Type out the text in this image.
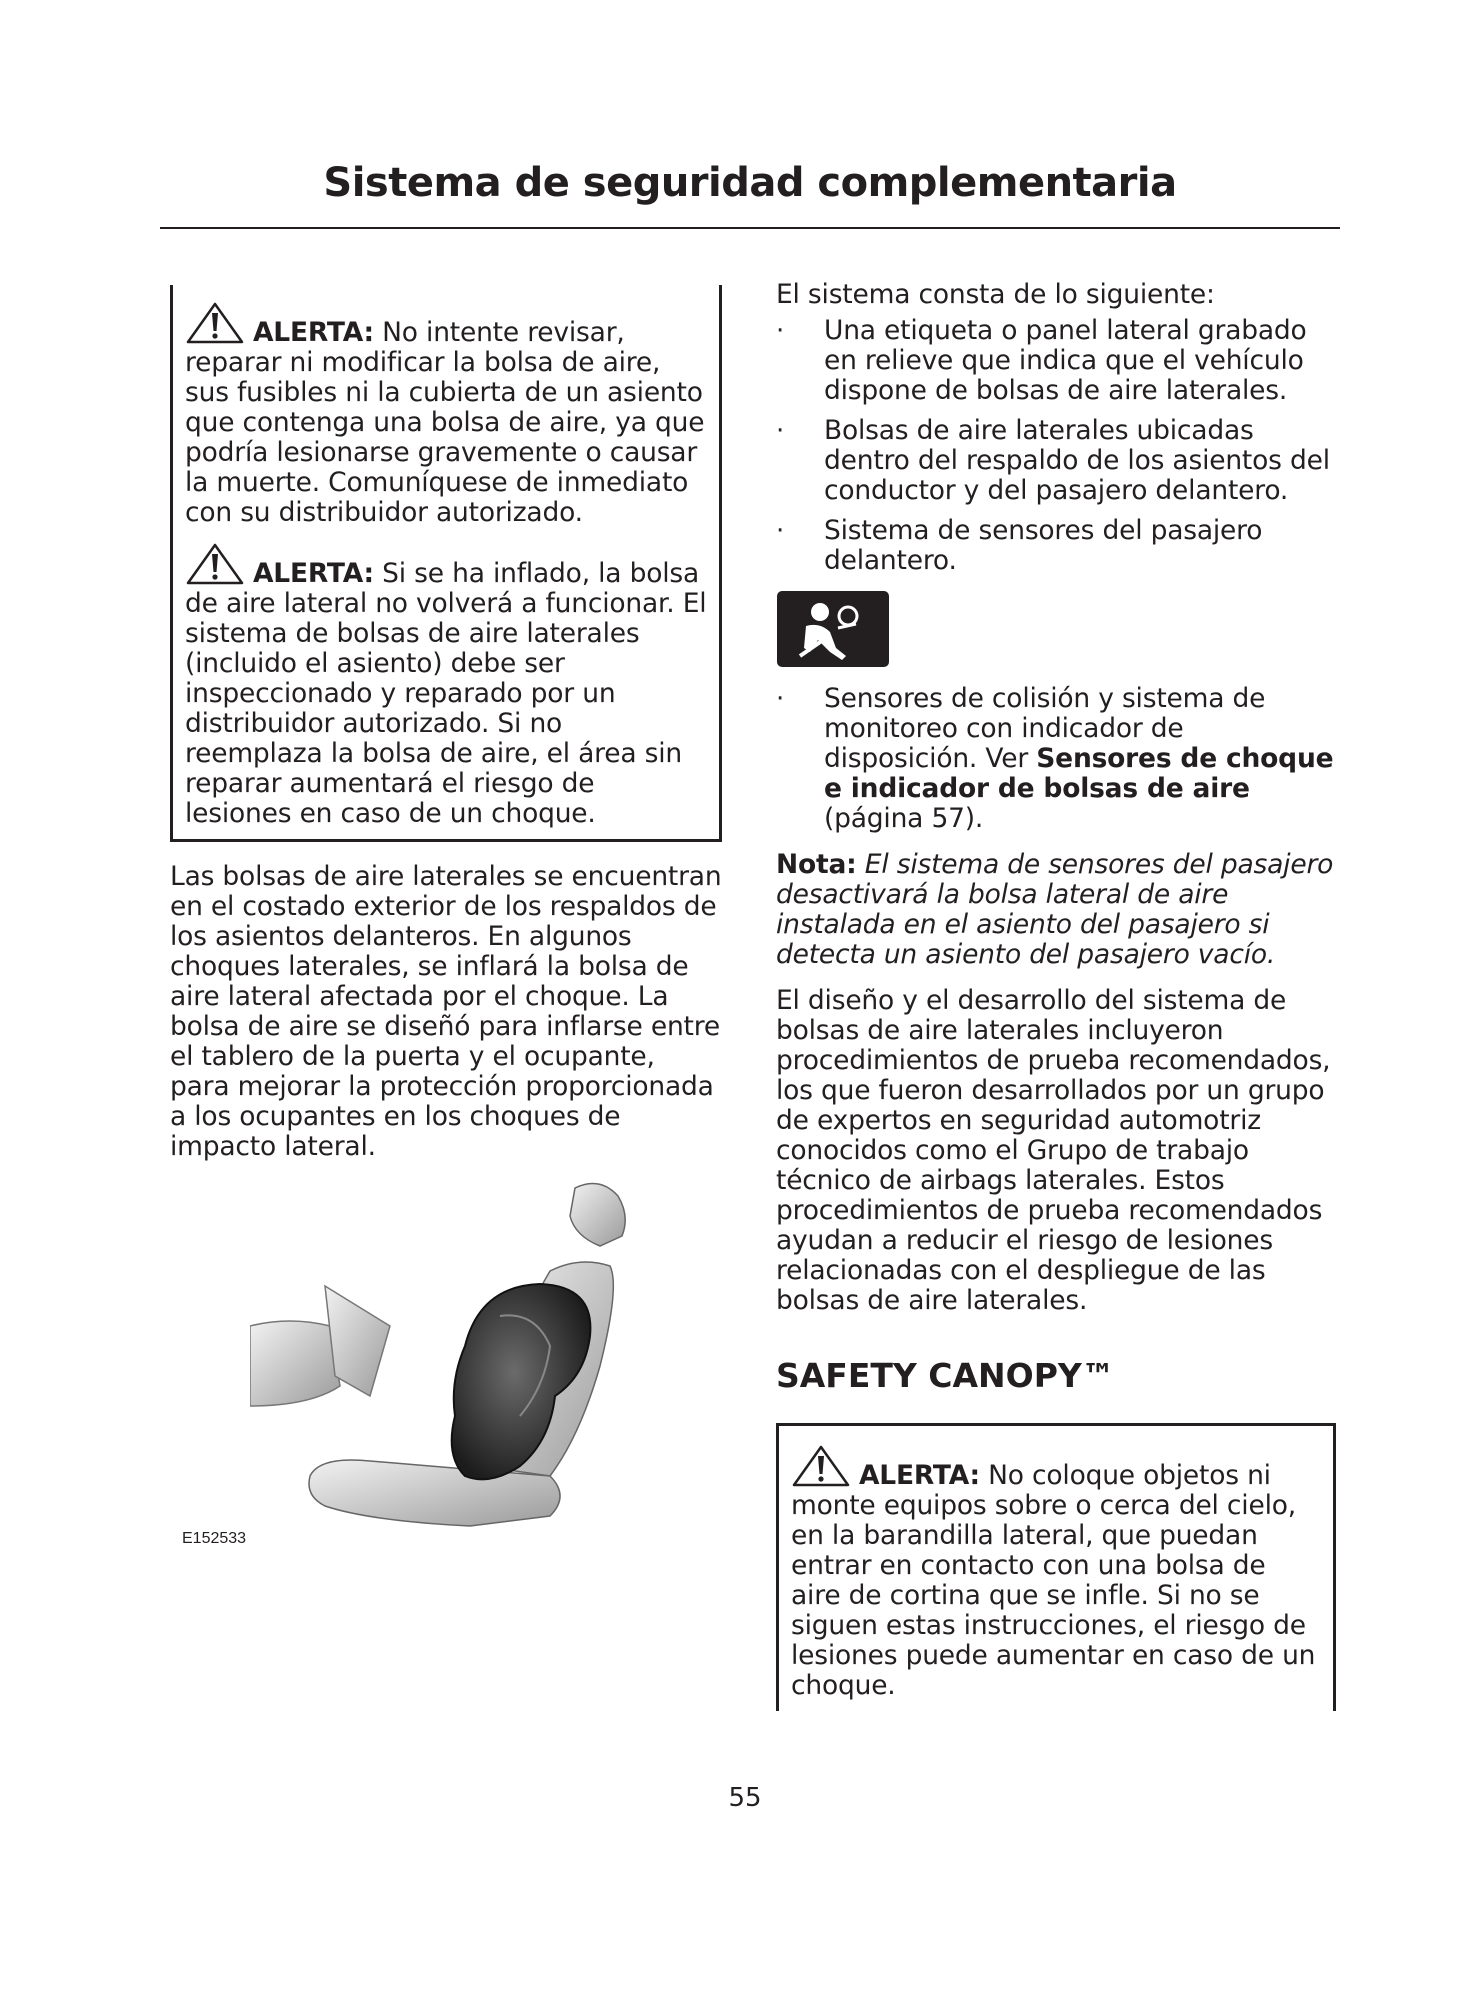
Sistema de seguridad complementaria

ALERTA: No intente revisar, reparar ni modificar la bolsa de aire, sus fusibles ni la cubierta de un asiento que contenga una bolsa de aire, ya que podría lesionarse gravemente o causar la muerte. Comuníquese de inmediato con su distribuidor autorizado.

ALERTA: Si se ha inflado, la bolsa de aire lateral no volverá a funcionar. El sistema de bolsas de aire laterales (incluido el asiento) debe ser inspeccionado y reparado por un distribuidor autorizado. Si no reemplaza la bolsa de aire, el área sin reparar aumentará el riesgo de lesiones en caso de un choque.

Las bolsas de aire laterales se encuentran en el costado exterior de los respaldos de los asientos delanteros. En algunos choques laterales, se inflará la bolsa de aire lateral afectada por el choque. La bolsa de aire se diseñó para inflarse entre el tablero de la puerta y el ocupante, para mejorar la protección proporcionada a los ocupantes en los choques de impacto lateral.

E152533

El sistema consta de lo siguiente:

· Una etiqueta o panel lateral grabado en relieve que indica que el vehículo dispone de bolsas de aire laterales.
· Bolsas de aire laterales ubicadas dentro del respaldo de los asientos del conductor y del pasajero delantero.
· Sistema de sensores del pasajero delantero.
· Sensores de colisión y sistema de monitoreo con indicador de disposición. Ver Sensores de choque e indicador de bolsas de aire (página 57).

Nota: El sistema de sensores del pasajero desactivará la bolsa lateral de aire instalada en el asiento del pasajero si detecta un asiento del pasajero vacío.

El diseño y el desarrollo del sistema de bolsas de aire laterales incluyeron procedimientos de prueba recomendados, los que fueron desarrollados por un grupo de expertos en seguridad automotriz conocidos como el Grupo de trabajo técnico de airbags laterales. Estos procedimientos de prueba recomendados ayudan a reducir el riesgo de lesiones relacionadas con el despliegue de las bolsas de aire laterales.

SAFETY CANOPY™

ALERTA: No coloque objetos ni monte equipos sobre o cerca del cielo, en la barandilla lateral, que puedan entrar en contacto con una bolsa de aire de cortina que se infle. Si no se siguen estas instrucciones, el riesgo de lesiones puede aumentar en caso de un choque.

55
